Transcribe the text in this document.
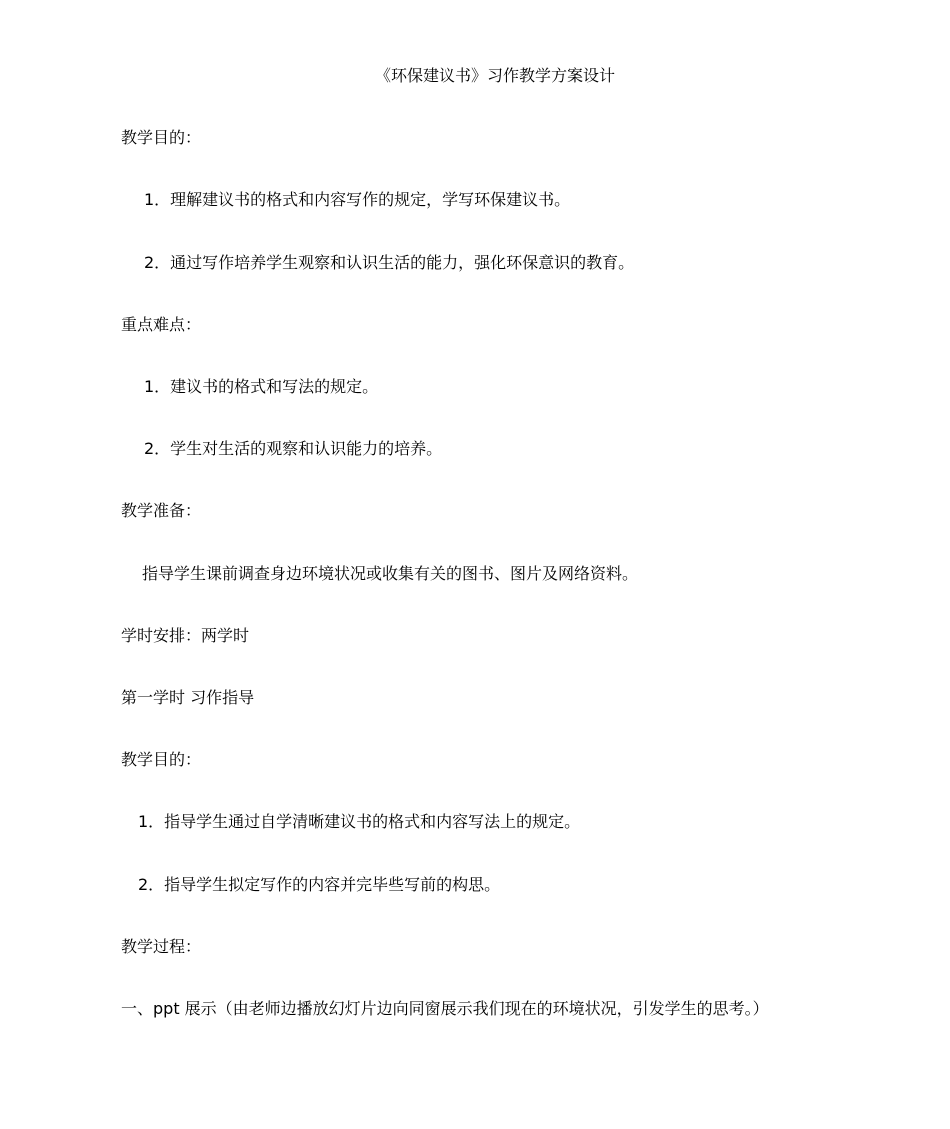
《环保建议书》习作教学方案设计
教学目的：
1．理解建议书的格式和内容写作的规定，学写环保建议书。
2．通过写作培养学生观察和认识生活的能力，强化环保意识的教育。
重点难点：
1．建议书的格式和写法的规定。
2．学生对生活的观察和认识能力的培养。
教学准备：
指导学生课前调查身边环境状况或收集有关的图书、图片及网络资料。
学时安排：两学时
第一学时 习作指导
教学目的：
1．指导学生通过自学清晰建议书的格式和内容写法上的规定。
2．指导学生拟定写作的内容并完毕些写前的构思。
教学过程：
一、ppt 展示（由老师边播放幻灯片边向同窗展示我们现在的环境状况，引发学生的思考。）
